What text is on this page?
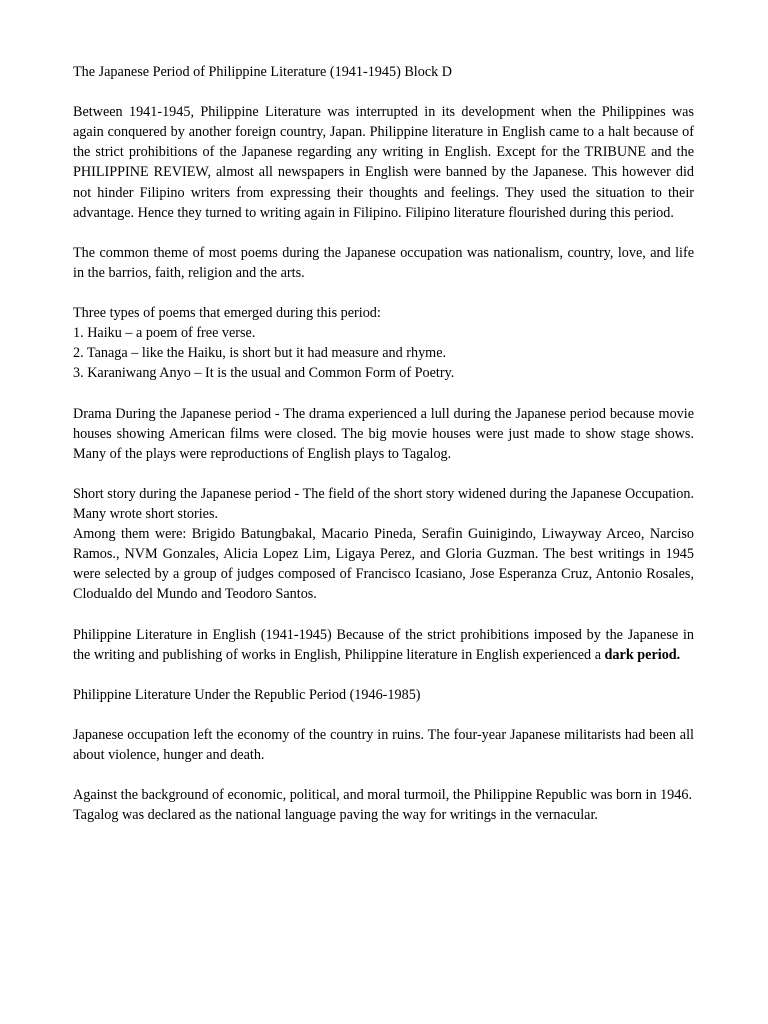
The Japanese Period of Philippine Literature (1941-1945) Block D

Between 1941-1945, Philippine Literature was interrupted in its development when the Philippines was again conquered by another foreign country, Japan. Philippine literature in English came to a halt because of the strict prohibitions of the Japanese regarding any writing in English. Except for the TRIBUNE and the PHILIPPINE REVIEW, almost all newspapers in English were banned by the Japanese. This however did not hinder Filipino writers from expressing their thoughts and feelings. They used the situation to their advantage. Hence they turned to writing again in Filipino. Filipino literature flourished during this period.

The common theme of most poems during the Japanese occupation was nationalism, country, love, and life in the barrios, faith, religion and the arts.

Three types of poems that emerged during this period:
1. Haiku – a poem of free verse.
2. Tanaga – like the Haiku, is short but it had measure and rhyme.
3. Karaniwang Anyo – It is the usual and Common Form of Poetry.

Drama During the Japanese period - The drama experienced a lull during the Japanese period because movie houses showing American films were closed. The big movie houses were just made to show stage shows. Many of the plays were reproductions of English plays to Tagalog.

Short story during the Japanese period - The field of the short story widened during the Japanese Occupation. Many wrote short stories.

Among them were: Brigido Batungbakal, Macario Pineda, Serafin Guinigindo, Liwayway Arceo, Narciso Ramos., NVM Gonzales, Alicia Lopez Lim, Ligaya Perez, and Gloria Guzman. The best writings in 1945 were selected by a group of judges composed of Francisco Icasiano, Jose Esperanza Cruz, Antonio Rosales, Clodualdo del Mundo and Teodoro Santos.

Philippine Literature in English (1941-1945) Because of the strict prohibitions imposed by the Japanese in the writing and publishing of works in English, Philippine literature in English experienced a dark period.

Philippine Literature Under the Republic Period (1946-1985)

Japanese occupation left the economy of the country in ruins. The four-year Japanese militarists had been all about violence, hunger and death.

Against the background of economic, political, and moral turmoil, the Philippine Republic was born in 1946.

Tagalog was declared as the national language paving the way for writings in the vernacular.
